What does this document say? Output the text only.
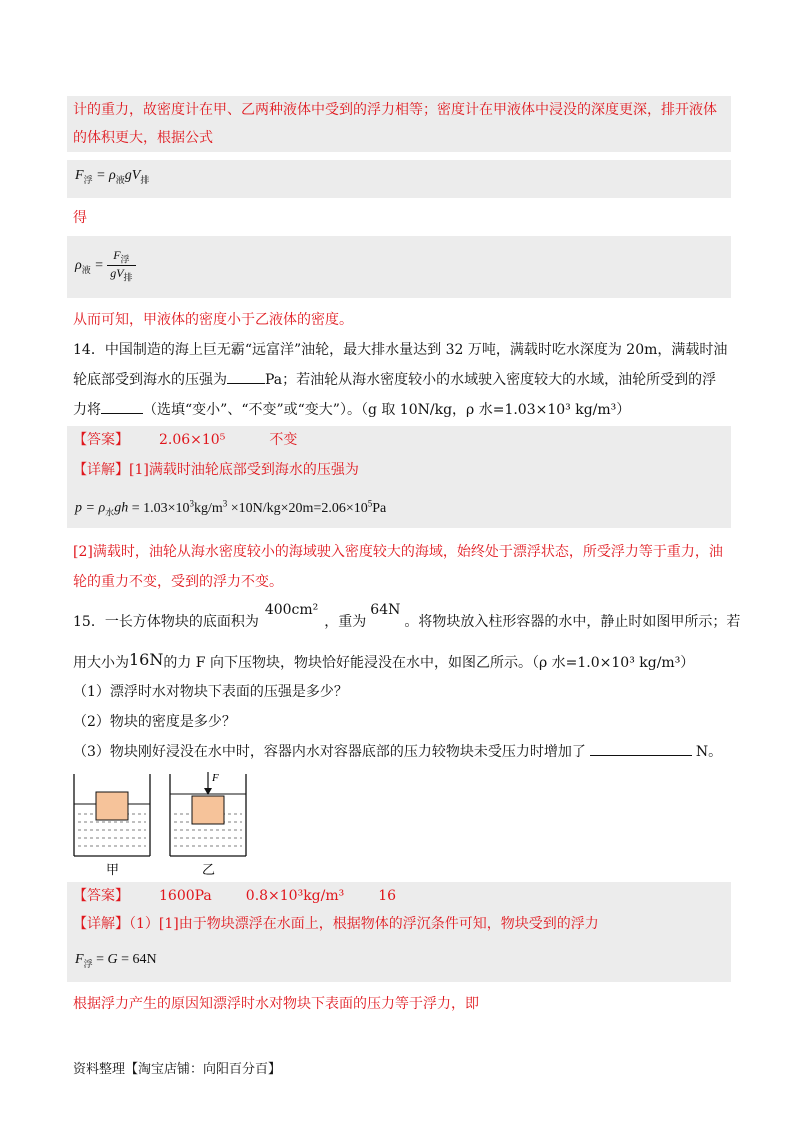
计的重力，故密度计在甲、乙两种液体中受到的浮力相等；密度计在甲液体中浸没的深度更深，排开液体
的体积更大，根据公式
$F_浮 = \rho_液gV_排$
得
$\rho_液 = \frac{F_浮}{gV_排}$
从而可知，甲液体的密度小于乙液体的密度。
14．中国制造的海上巨无霸“远富洋”油轮，最大排水量达到 32 万吨，满载时吃水深度为 20m，满载时油
轮底部受到海水的压强为	Pa；若油轮从海水密度较小的水域驶入密度较大的水域，油轮所受到的浮
力将	（选填“变小”、“不变”或“变大”）。（g 取 10N/kg，ρ 水=1.03×10³ kg/m³）
【答案】 2.06×10⁵	不变
【详解】[1]满载时油轮底部受到海水的压强为
$p = \rho_水gh = 1.03\times 10^3kg/m^3 \times 10N/kg\times 20m=2.06\times 10^5Pa$
[2]满载时，油轮从海水密度较小的海域驶入密度较大的海域，始终处于漂浮状态，所受浮力等于重力，油
轮的重力不变，受到的浮力不变。
15．一长方体物块的底面积为400cm²，重为64N。将物块放入柱形容器的水中，静止时如图甲所示；若
用大小为16N的力 F 向下压物块，物块恰好能浸没在水中，如图乙所示。（ρ 水=1.0×10³ kg/m³）
（1）漂浮时水对物块下表面的压强是多少？
（2）物块的密度是多少？
（3）物块刚好浸没在水中时，容器内水对容器底部的压力较物块未受压力时增加了	N。
F
甲	乙
【答案】 1600Pa 0.8×10³kg/m³ 16
【详解】（1）[1]由于物块漂浮在水面上，根据物体的浮沉条件可知，物块受到的浮力
$F_浮 = G = 64N$
根据浮力产生的原因知漂浮时水对物块下表面的压力等于浮力，即
资料整理【淘宝店铺：向阳百分百】
